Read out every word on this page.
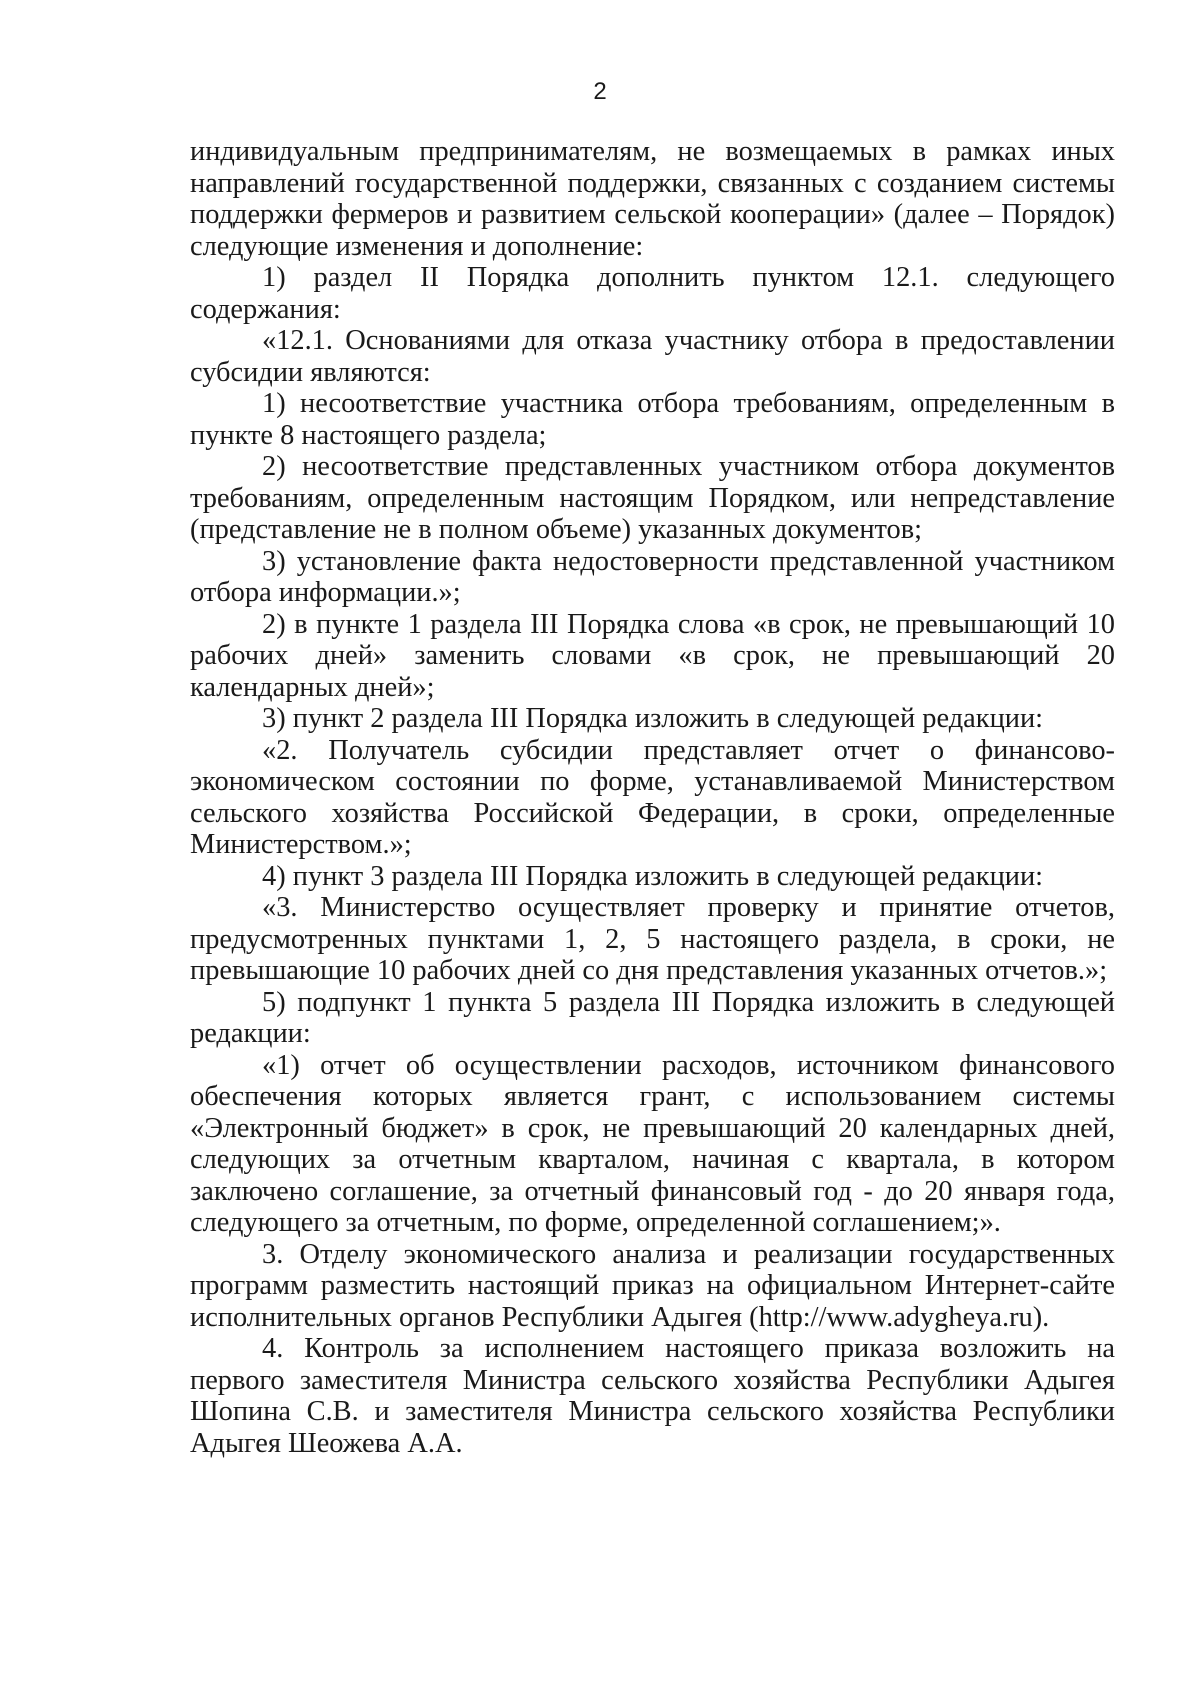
2

индивидуальным предпринимателям, не возмещаемых в рамках иных направлений государственной поддержки, связанных с созданием системы поддержки фермеров и развитием сельской кооперации» (далее – Порядок) следующие изменения и дополнение:

1) раздел II Порядка дополнить пунктом 12.1. следующего содержания:

«12.1. Основаниями для отказа участнику отбора в предоставлении субсидии являются:

1) несоответствие участника отбора требованиям, определенным в пункте 8 настоящего раздела;

2) несоответствие представленных участником отбора документов требованиям, определенным настоящим Порядком, или непредставление (представление не в полном объеме) указанных документов;

3) установление факта недостоверности представленной участником отбора информации.»;

2) в пункте 1 раздела III Порядка слова «в срок, не превышающий 10 рабочих дней» заменить словами «в срок, не превышающий 20 календарных дней»;

3) пункт 2 раздела III Порядка изложить в следующей редакции:

«2. Получатель субсидии представляет отчет о финансово-экономическом состоянии по форме, устанавливаемой Министерством сельского хозяйства Российской Федерации, в сроки, определенные Министерством.»;

4) пункт 3 раздела III Порядка изложить в следующей редакции:

«3. Министерство осуществляет проверку и принятие отчетов, предусмотренных пунктами 1, 2, 5 настоящего раздела, в сроки, не превышающие 10 рабочих дней со дня представления указанных отчетов.»;

5) подпункт 1 пункта 5 раздела III Порядка изложить в следующей редакции:

«1) отчет об осуществлении расходов, источником финансового обеспечения которых является грант, с использованием системы «Электронный бюджет» в срок, не превышающий 20 календарных дней, следующих за отчетным кварталом, начиная с квартала, в котором заключено соглашение, за отчетный финансовый год - до 20 января года, следующего за отчетным, по форме, определенной соглашением;».

3. Отделу экономического анализа и реализации государственных программ разместить настоящий приказ на официальном Интернет-сайте исполнительных органов Республики Адыгея (http://www.adygheya.ru).

4. Контроль за исполнением настоящего приказа возложить на первого заместителя Министра сельского хозяйства Республики Адыгея Шопина С.В. и заместителя Министра сельского хозяйства Республики Адыгея Шеожева А.А.
